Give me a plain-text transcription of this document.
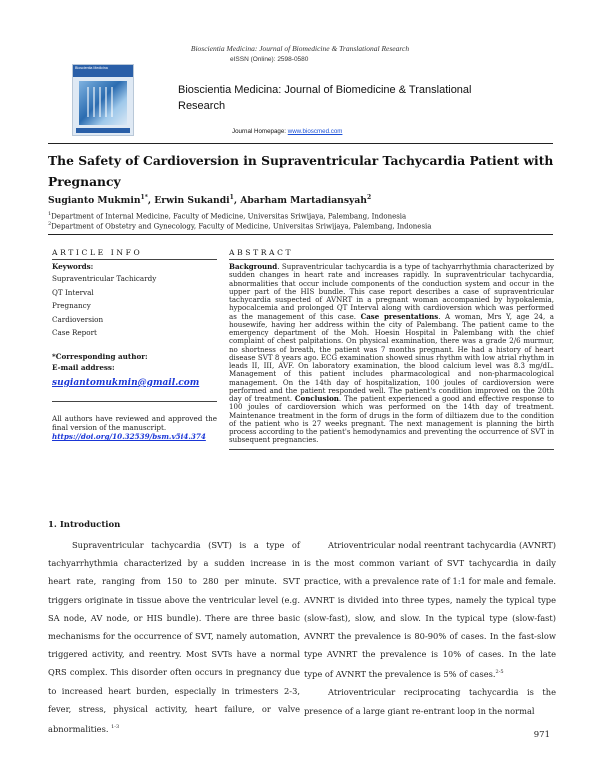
Bioscientia Medicina: Journal of Biomedicine & Translational Research
Bioscientia Medicina
eISSN (Online): 2598-0580
Bioscientia Medicina: Journal of Biomedicine & Translational Research
Journal Homepage: www.bioscmed.com
The Safety of Cardioversion in Supraventricular Tachycardia Patient with Pregnancy
Sugianto Mukmin$^{1*}$, Erwin Sukandi$^1$, Abarham Martadiansyah$^2$
$^1$Department of Internal Medicine, Faculty of Medicine, Universitas Sriwijaya, Palembang, Indonesia
$^2$Department of Obstetry and Gynecology, Faculty of Medicine, Universitas Sriwijaya, Palembang, Indonesia
ARTICLE INFO
Keywords:
Supraventricular Tachicardy
QT Interval
Pregnancy
Cardioversion
Case Report
*Corresponding author:
E-mail address:
sugiantomukmin@gmail.com
All authors have reviewed and approved the final version of the manuscript.
https://doi.org/10.32539/bsm.v5i4.374
ABSTRACT
Background. Supraventricular tachycardia is a type of tachyarrhythmia characterized by sudden changes in heart rate and increases rapidly. In supraventricular tachycardia, abnormalities that occur include components of the conduction system and occur in the upper part of the HIS bundle. This case report describes a case of supraventricular tachycardia suspected of AVNRT in a pregnant woman accompanied by hypokalemia, hypocalcemia and prolonged QT Interval along with cardioversion which was performed as the management of this case. Case presentations. A woman, Mrs Y, age 24, a housewife, having her address within the city of Palembang. The patient came to the emergency department of the Moh. Hoesin Hospital in Palembang with the chief complaint of chest palpitations. On physical examination, there was a grade 2/6 murmur, no shortness of breath, the patient was 7 months pregnant. He had a history of heart disease SVT 8 years ago. ECG examination showed sinus rhythm with low atrial rhythm in leads II, III, AVF. On laboratory examination, the blood calcium level was 8.3 mg/dL. Management of this patient includes pharmacological and non-pharmacological management. On the 14th day of hospitalization, 100 joules of cardioversion were performed and the patient responded well. The patient's condition improved on the 20th day of treatment. Conclusion. The patient experienced a good and effective response to 100 joules of cardioversion which was performed on the 14th day of treatment. Maintenance treatment in the form of drugs in the form of diltiazem due to the condition of the patient who is 27 weeks pregnant. The next management is planning the birth process according to the patient's hemodynamics and preventing the occurrence of SVT in subsequent pregnancies.
1. Introduction

Supraventricular tachycardia (SVT) is a type of tachyarrhythmia characterized by a sudden increase in heart rate, ranging from 150 to 280 per minute. SVT triggers originate in tissue above the ventricular level (e.g. SA node, AV node, or HIS bundle). There are three basic mechanisms for the occurrence of SVT, namely automation, triggered activity, and reentry. Most SVTs have a normal QRS complex. This disorder often occurs in pregnancy due to increased heart burden, especially in trimesters 2-3, fever, stress, physical activity, heart failure, or valve abnormalities. $^{1-3}$

Atrioventricular nodal reentrant tachycardia (AVNRT) is the most common variant of SVT tachycardia in daily practice, with a prevalence rate of 1:1 for male and female. AVNRT is divided into three types, namely the typical type (slow-fast), slow, and slow. In the typical type (slow-fast) AVNRT the prevalence is 80-90% of cases. In the fast-slow type AVNRT the prevalence is 10% of cases. In the late type of AVNRT the prevalence is 5% of cases.$^{2-5}$

Atrioventricular reciprocating tachycardia is the presence of a large giant re-entrant loop in the normal

971
